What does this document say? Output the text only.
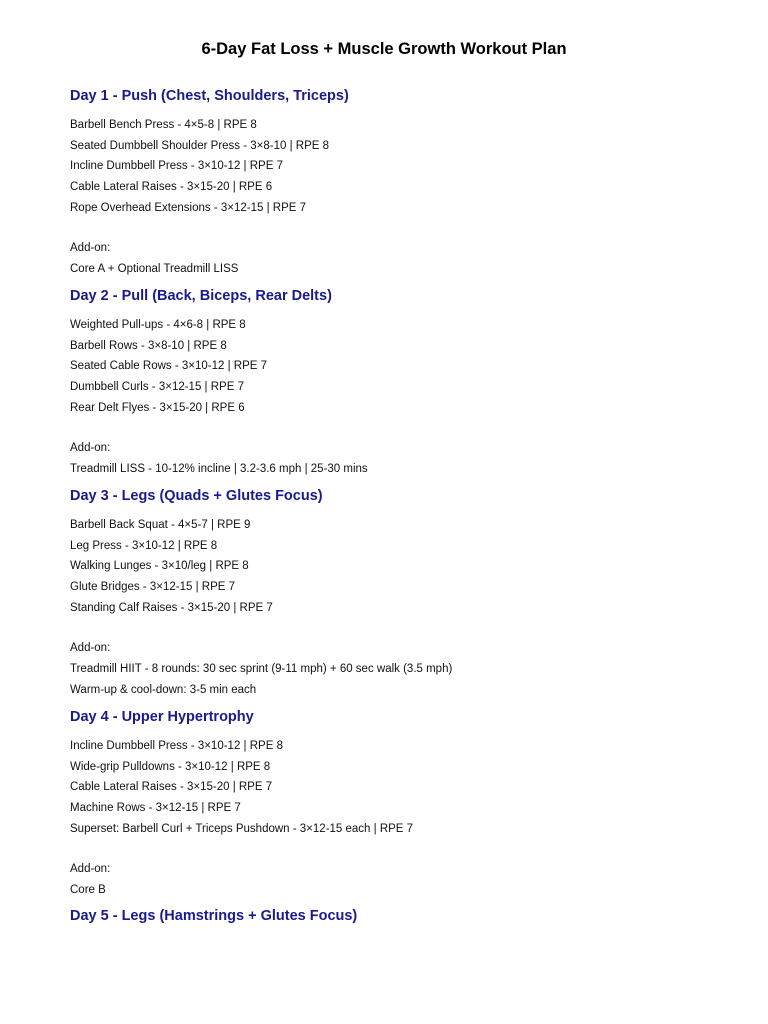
6-Day Fat Loss + Muscle Growth Workout Plan
Day 1 - Push (Chest, Shoulders, Triceps)
Barbell Bench Press - 4×5-8 | RPE 8
Seated Dumbbell Shoulder Press - 3×8-10 | RPE 8
Incline Dumbbell Press - 3×10-12 | RPE 7
Cable Lateral Raises - 3×15-20 | RPE 6
Rope Overhead Extensions - 3×12-15 | RPE 7
Add-on:
Core A + Optional Treadmill LISS
Day 2 - Pull (Back, Biceps, Rear Delts)
Weighted Pull-ups - 4×6-8 | RPE 8
Barbell Rows - 3×8-10 | RPE 8
Seated Cable Rows - 3×10-12 | RPE 7
Dumbbell Curls - 3×12-15 | RPE 7
Rear Delt Flyes - 3×15-20 | RPE 6
Add-on:
Treadmill LISS - 10-12% incline | 3.2-3.6 mph | 25-30 mins
Day 3 - Legs (Quads + Glutes Focus)
Barbell Back Squat - 4×5-7 | RPE 9
Leg Press - 3×10-12 | RPE 8
Walking Lunges - 3×10/leg | RPE 8
Glute Bridges - 3×12-15 | RPE 7
Standing Calf Raises - 3×15-20 | RPE 7
Add-on:
Treadmill HIIT - 8 rounds: 30 sec sprint (9-11 mph) + 60 sec walk (3.5 mph)
Warm-up & cool-down: 3-5 min each
Day 4 - Upper Hypertrophy
Incline Dumbbell Press - 3×10-12 | RPE 8
Wide-grip Pulldowns - 3×10-12 | RPE 8
Cable Lateral Raises - 3×15-20 | RPE 7
Machine Rows - 3×12-15 | RPE 7
Superset: Barbell Curl + Triceps Pushdown - 3×12-15 each | RPE 7
Add-on:
Core B
Day 5 - Legs (Hamstrings + Glutes Focus)
